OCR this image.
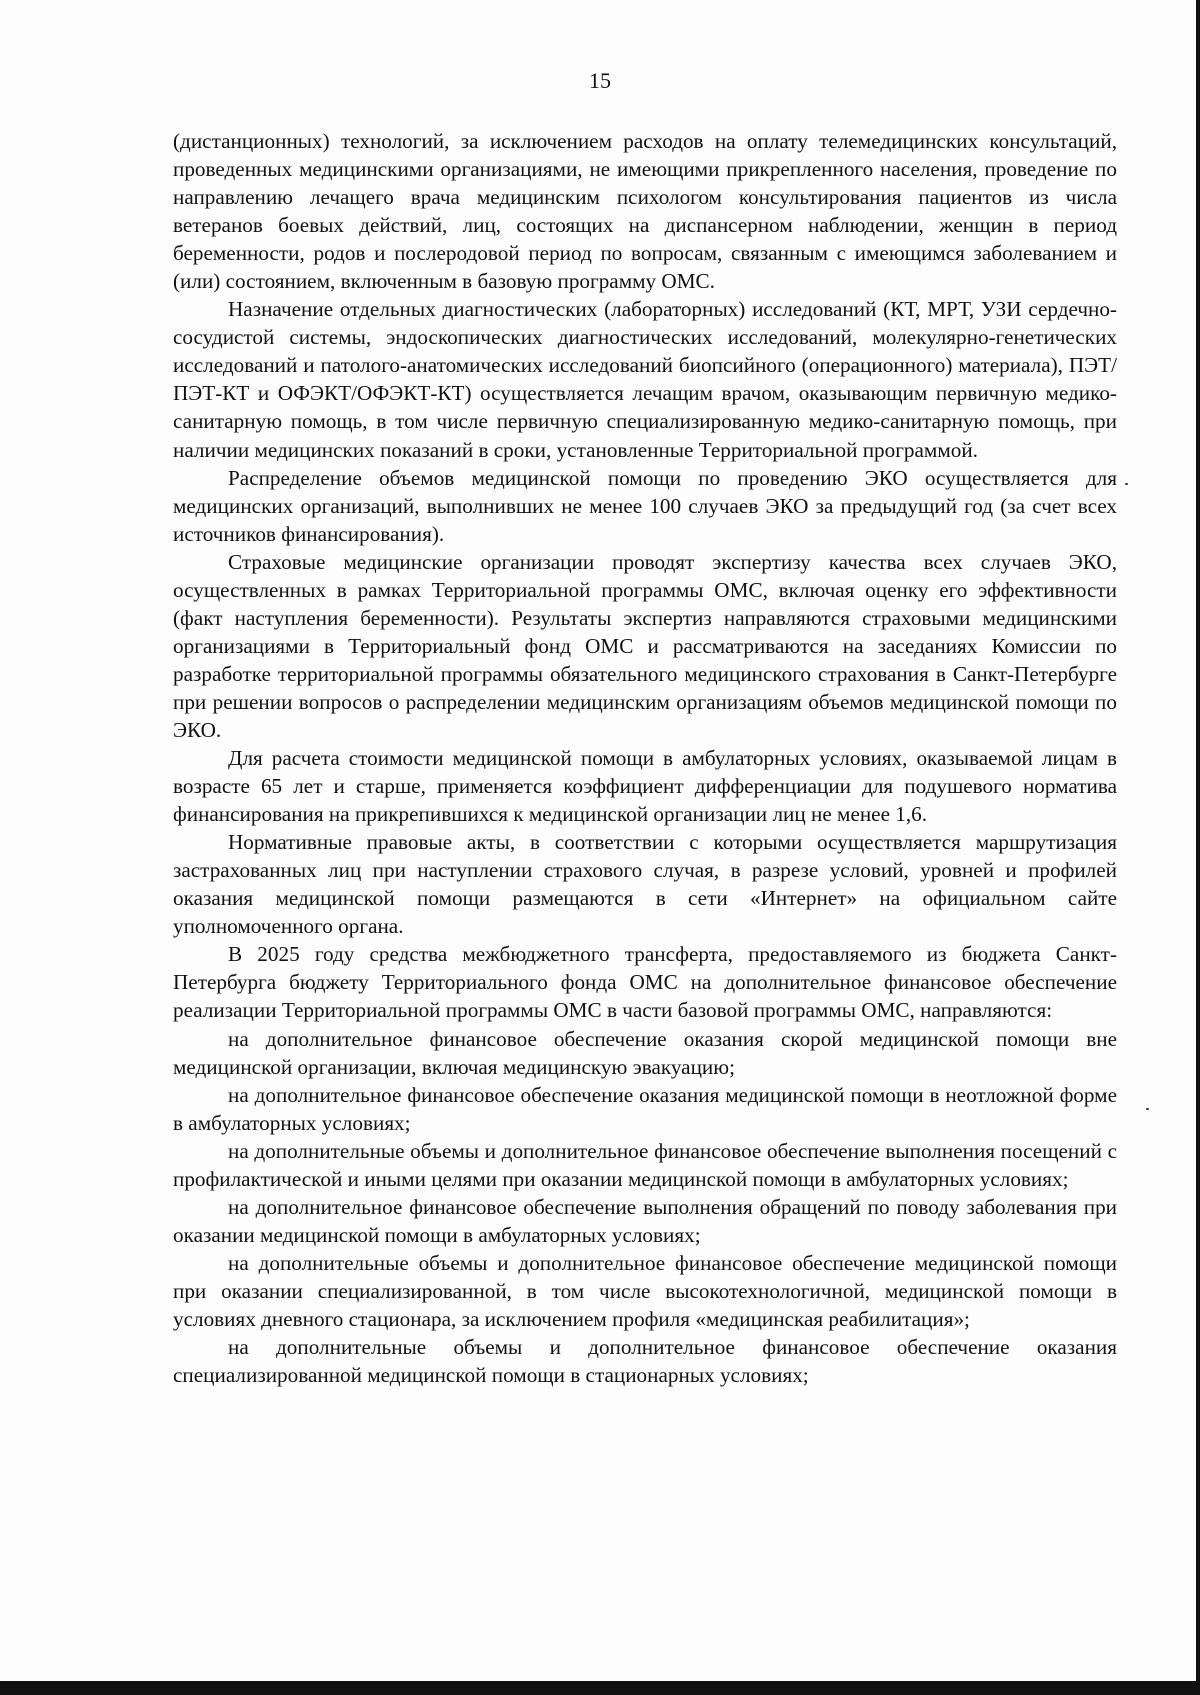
15

(дистанционных) технологий, за исключением расходов на оплату телемедицинских консультаций, проведенных медицинскими организациями, не имеющими прикрепленного населения, проведение по направлению лечащего врача медицинским психологом консультирования пациентов из числа ветеранов боевых действий, лиц, состоящих на диспансерном наблюдении, женщин в период беременности, родов и послеродовой период по вопросам, связанным с имеющимся заболеванием и (или) состоянием, включенным в базовую программу ОМС.

Назначение отдельных диагностических (лабораторных) исследований (КТ, МРТ, УЗИ сердечно-сосудистой системы, эндоскопических диагностических исследований, молекулярно-генетических исследований и патолого-анатомических исследований биопсийного (операционного) материала), ПЭТ/ПЭТ-КТ и ОФЭКТ/ОФЭКТ-КТ) осуществляется лечащим врачом, оказывающим первичную медико-санитарную помощь, в том числе первичную специализированную медико-санитарную помощь, при наличии медицинских показаний в сроки, установленные Территориальной программой.

Распределение объемов медицинской помощи по проведению ЭКО осуществляется для медицинских организаций, выполнивших не менее 100 случаев ЭКО за предыдущий год (за счет всех источников финансирования).

Страховые медицинские организации проводят экспертизу качества всех случаев ЭКО, осуществленных в рамках Территориальной программы ОМС, включая оценку его эффективности (факт наступления беременности). Результаты экспертиз направляются страховыми медицинскими организациями в Территориальный фонд ОМС и рассматриваются на заседаниях Комиссии по разработке территориальной программы обязательного медицинского страхования в Санкт-Петербурге при решении вопросов о распределении медицинским организациям объемов медицинской помощи по ЭКО.

Для расчета стоимости медицинской помощи в амбулаторных условиях, оказываемой лицам в возрасте 65 лет и старше, применяется коэффициент дифференциации для подушевого норматива финансирования на прикрепившихся к медицинской организации лиц не менее 1,6.

Нормативные правовые акты, в соответствии с которыми осуществляется маршрутизация застрахованных лиц при наступлении страхового случая, в разрезе условий, уровней и профилей оказания медицинской помощи размещаются в сети «Интернет» на официальном сайте уполномоченного органа.

В 2025 году средства межбюджетного трансферта, предоставляемого из бюджета Санкт-Петербурга бюджету Территориального фонда ОМС на дополнительное финансовое обеспечение реализации Территориальной программы ОМС в части базовой программы ОМС, направляются:

на дополнительное финансовое обеспечение оказания скорой медицинской помощи вне медицинской организации, включая медицинскую эвакуацию;

на дополнительное финансовое обеспечение оказания медицинской помощи в неотложной форме в амбулаторных условиях;

на дополнительные объемы и дополнительное финансовое обеспечение выполнения посещений с профилактической и иными целями при оказании медицинской помощи в амбулаторных условиях;

на дополнительное финансовое обеспечение выполнения обращений по поводу заболевания при оказании медицинской помощи в амбулаторных условиях;

на дополнительные объемы и дополнительное финансовое обеспечение медицинской помощи при оказании специализированной, в том числе высокотехнологичной, медицинской помощи в условиях дневного стационара, за исключением профиля «медицинская реабилитация»;

на дополнительные объемы и дополнительное финансовое обеспечение оказания специализированной медицинской помощи в стационарных условиях;
